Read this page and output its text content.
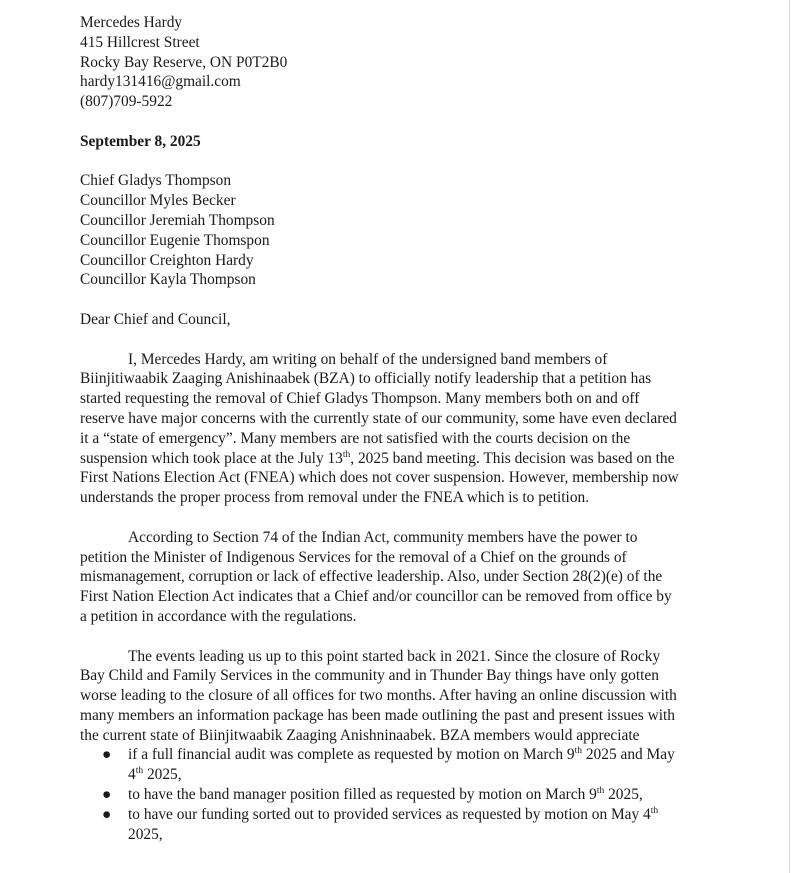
Mercedes Hardy
415 Hillcrest Street
Rocky Bay Reserve, ON P0T2B0
hardy131416@gmail.com
(807)709-5922
September 8, 2025
Chief Gladys Thompson
Councillor Myles Becker
Councillor Jeremiah Thompson
Councillor Eugenie Thomspon
Councillor Creighton Hardy
Councillor Kayla Thompson
Dear Chief and Council,
I, Mercedes Hardy, am writing on behalf of the undersigned band members of
Biinjitiwaabik Zaaging Anishinaabek (BZA) to officially notify leadership that a petition has
started requesting the removal of Chief Gladys Thompson. Many members both on and off
reserve have major concerns with the currently state of our community, some have even declared
it a “state of emergency”. Many members are not satisfied with the courts decision on the
suspension which took place at the July 13th, 2025 band meeting. This decision was based on the
First Nations Election Act (FNEA) which does not cover suspension. However, membership now
understands the proper process from removal under the FNEA which is to petition.
According to Section 74 of the Indian Act, community members have the power to
petition the Minister of Indigenous Services for the removal of a Chief on the grounds of
mismanagement, corruption or lack of effective leadership. Also, under Section 28(2)(e) of the
First Nation Election Act indicates that a Chief and/or councillor can be removed from office by
a petition in accordance with the regulations.
The events leading us up to this point started back in 2021. Since the closure of Rocky
Bay Child and Family Services in the community and in Thunder Bay things have only gotten
worse leading to the closure of all offices for two months. After having an online discussion with
many members an information package has been made outlining the past and present issues with
the current state of Biinjitwaabik Zaaging Anishninaabek. BZA members would appreciate
● if a full financial audit was complete as requested by motion on March 9th 2025 and May
4th 2025,
● to have the band manager position filled as requested by motion on March 9th 2025,
● to have our funding sorted out to provided services as requested by motion on May 4th
2025,
